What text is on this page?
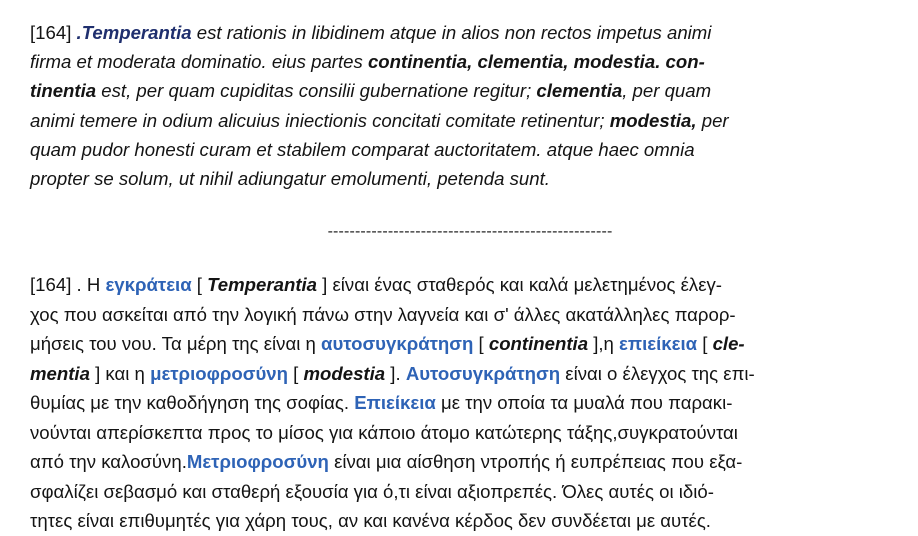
[164] .Temperantia est rationis in libidinem atque in alios non rectos impetus animi
firma et moderata dominatio. eius partes continentia, clementia, modestia. con-
tinentia est, per quam cupiditas consilii gubernatione regitur; clementia, per quam
animi temere in odium alicuius iniectionis concitati comitate retinentur; modestia, per
quam pudor honesti curam et stabilem comparat auctoritatem. atque haec omnia
propter se solum, ut nihil adiungatur emolumenti, petenda sunt.

----------------------------------------------------

[164] . Η εγκράτεια [ Temperantia ] είναι ένας σταθερός και καλά μελετημένος έλεγ-
χος που ασκείται από την λογική πάνω στην λαγνεία και σ' άλλες ακατάλληλες παρορ-
μήσεις του νου. Τα μέρη της είναι η αυτοσυγκράτηση [ continentia ],η επιείκεια [ cle-
mentia ] και η μετριοφροσύνη [ modestia ]. Αυτοσυγκράτηση είναι ο έλεγχος της επι-
θυμίας με την καθοδήγηση της σοφίας. Επιείκεια με την οποία τα μυαλά που παρακι-
νούνται απερίσκεπτα προς το μίσος για κάποιο άτομο κατώτερης τάξης,συγκρατούνται
από την καλοσύνη.Μετριοφροσύνη είναι μια αίσθηση ντροπής ή ευπρέπειας που εξα-
σφαλίζει σεβασμό και σταθερή εξουσία για ό,τι είναι αξιοπρεπές. Όλες αυτές οι ιδιό-
τητες είναι επιθυμητές για χάρη τους, αν και κανένα κέρδος δεν συνδέεται με αυτές.
